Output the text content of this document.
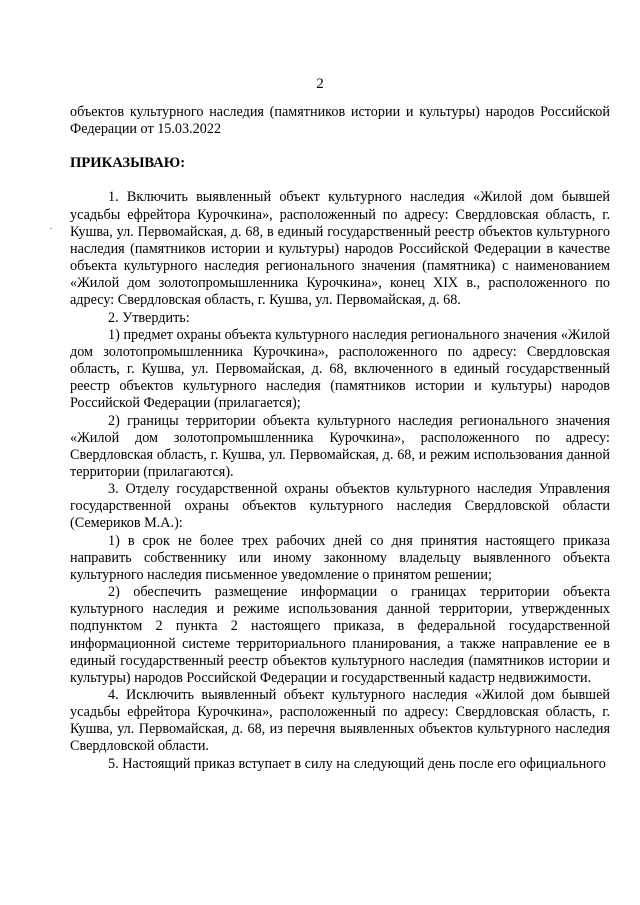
2

объектов культурного наследия (памятников истории и культуры) народов Российской Федерации от 15.03.2022

ПРИКАЗЫВАЮ:

1. Включить выявленный объект культурного наследия «Жилой дом бывшей усадьбы ефрейтора Курочкина», расположенный по адресу: Свердловская область, г. Кушва, ул. Первомайская, д. 68, в единый государственный реестр объектов культурного наследия (памятников истории и культуры) народов Российской Федерации в качестве объекта культурного наследия регионального значения (памятника) с наименованием «Жилой дом золотопромышленника Курочкина», конец XIX в., расположенного по адресу: Свердловская область, г. Кушва, ул. Первомайская, д. 68.

2. Утвердить:

1) предмет охраны объекта культурного наследия регионального значения «Жилой дом золотопромышленника Курочкина», расположенного по адресу: Свердловская область, г. Кушва, ул. Первомайская, д. 68, включенного в единый государственный реестр объектов культурного наследия (памятников истории и культуры) народов Российской Федерации (прилагается);

2) границы территории объекта культурного наследия регионального значения «Жилой дом золотопромышленника Курочкина», расположенного по адресу: Свердловская область, г. Кушва, ул. Первомайская, д. 68, и режим использования данной территории (прилагаются).

3. Отделу государственной охраны объектов культурного наследия Управления государственной охраны объектов культурного наследия Свердловской области (Семериков М.А.):

1) в срок не более трех рабочих дней со дня принятия настоящего приказа направить собственнику или иному законному владельцу выявленного объекта культурного наследия письменное уведомление о принятом решении;

2) обеспечить размещение информации о границах территории объекта культурного наследия и режиме использования данной территории, утвержденных подпунктом 2 пункта 2 настоящего приказа, в федеральной государственной информационной системе территориального планирования, а также направление ее в единый государственный реестр объектов культурного наследия (памятников истории и культуры) народов Российской Федерации и государственный кадастр недвижимости.

4. Исключить выявленный объект культурного наследия «Жилой дом бывшей усадьбы ефрейтора Курочкина», расположенный по адресу: Свердловская область, г. Кушва, ул. Первомайская, д. 68, из перечня выявленных объектов культурного наследия Свердловской области.

5. Настоящий приказ вступает в силу на следующий день после его официального
